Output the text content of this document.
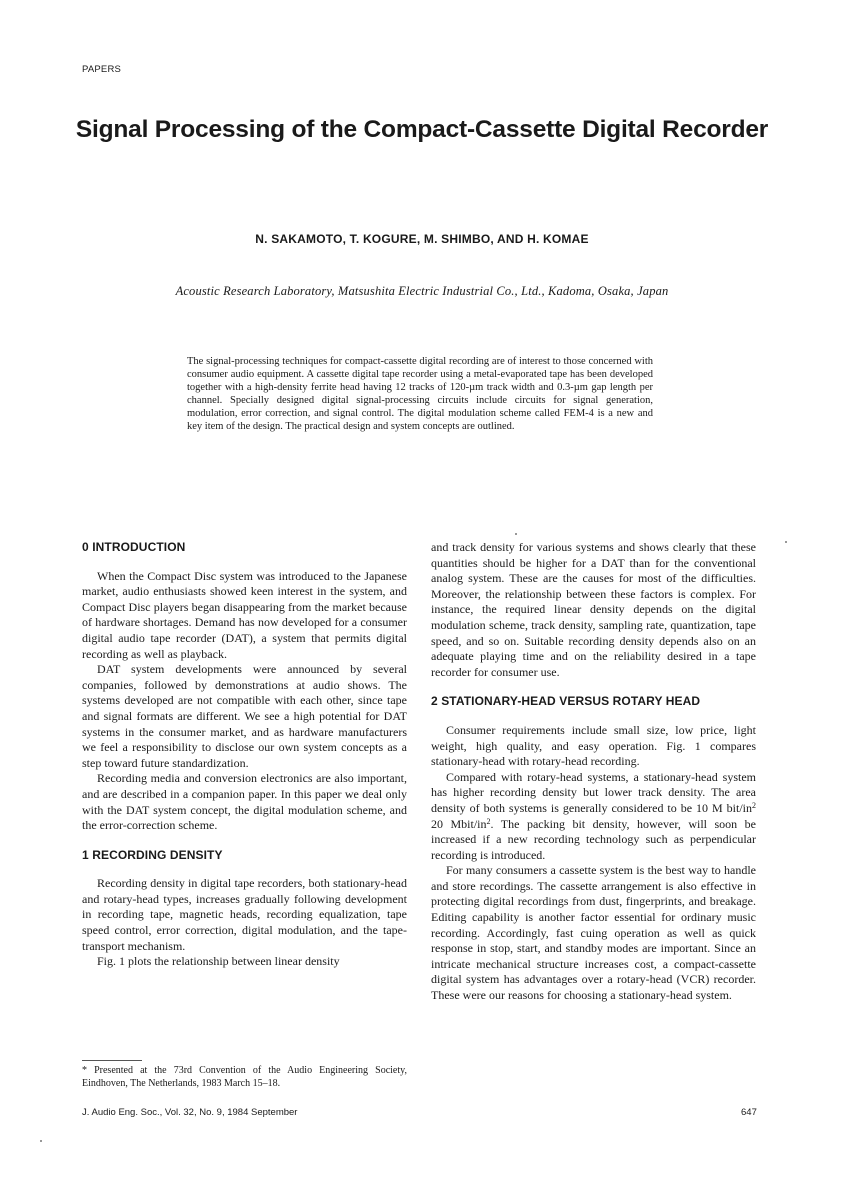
PAPERS
Signal Processing of the Compact-Cassette Digital Recorder
N. SAKAMOTO, T. KOGURE, M. SHIMBO, AND H. KOMAE
Acoustic Research Laboratory, Matsushita Electric Industrial Co., Ltd., Kadoma, Osaka, Japan
The signal-processing techniques for compact-cassette digital recording are of interest to those concerned with consumer audio equipment. A cassette digital tape recorder using a metal-evaporated tape has been developed together with a high-density ferrite head having 12 tracks of 120-µm track width and 0.3-µm gap length per channel. Specially designed digital signal-processing circuits include circuits for signal generation, modulation, error correction, and signal control. The digital modulation scheme called FEM-4 is a new and key item of the design. The practical design and system concepts are outlined.
0 INTRODUCTION

When the Compact Disc system was introduced to the Japanese market, audio enthusiasts showed keen interest in the system, and Compact Disc players began disappearing from the market because of hardware shortages. Demand has now developed for a consumer digital audio tape recorder (DAT), a system that permits digital recording as well as playback.

DAT system developments were announced by several companies, followed by demonstrations at audio shows. The systems developed are not compatible with each other, since tape and signal formats are different. We see a high potential for DAT systems in the consumer market, and as hardware manufacturers we feel a responsibility to disclose our own system concepts as a step toward future standardization.

Recording media and conversion electronics are also important, and are described in a companion paper. In this paper we deal only with the DAT system concept, the digital modulation scheme, and the error-correction scheme.

1 RECORDING DENSITY

Recording density in digital tape recorders, both stationary-head and rotary-head types, increases gradually following development in recording tape, magnetic heads, recording equalization, tape speed control, error correction, digital modulation, and the tape-transport mechanism.

Fig. 1 plots the relationship between linear density

and track density for various systems and shows clearly that these quantities should be higher for a DAT than for the conventional analog system. These are the causes for most of the difficulties. Moreover, the relationship between these factors is complex. For instance, the required linear density depends on the digital modulation scheme, track density, sampling rate, quantization, tape speed, and so on. Suitable recording density depends also on an adequate playing time and on the reliability desired in a tape recorder for consumer use.

2 STATIONARY-HEAD VERSUS ROTARY HEAD

Consumer requirements include small size, low price, light weight, high quality, and easy operation. Fig. 1 compares stationary-head with rotary-head recording.

Compared with rotary-head systems, a stationary-head system has higher recording density but lower track density. The area density of both systems is generally considered to be 10 M bit/$in^2$ 20 Mbit/$in^2$. The packing bit density, however, will soon be increased if a new recording technology such as perpendicular recording is introduced.

For many consumers a cassette system is the best way to handle and store recordings. The cassette arrangement is also effective in protecting digital recordings from dust, fingerprints, and breakage. Editing capability is another factor essential for ordinary music recording. Accordingly, fast cuing operation as well as quick response in stop, start, and standby modes are important. Since an intricate mechanical structure increases cost, a compact-cassette digital system has advantages over a rotary-head (VCR) recorder. These were our reasons for choosing a stationary-head system.

* Presented at the 73rd Convention of the Audio Engineering Society, Eindhoven, The Netherlands, 1983 March 15–18.
J. Audio Eng. Soc., Vol. 32, No. 9, 1984 September	647
